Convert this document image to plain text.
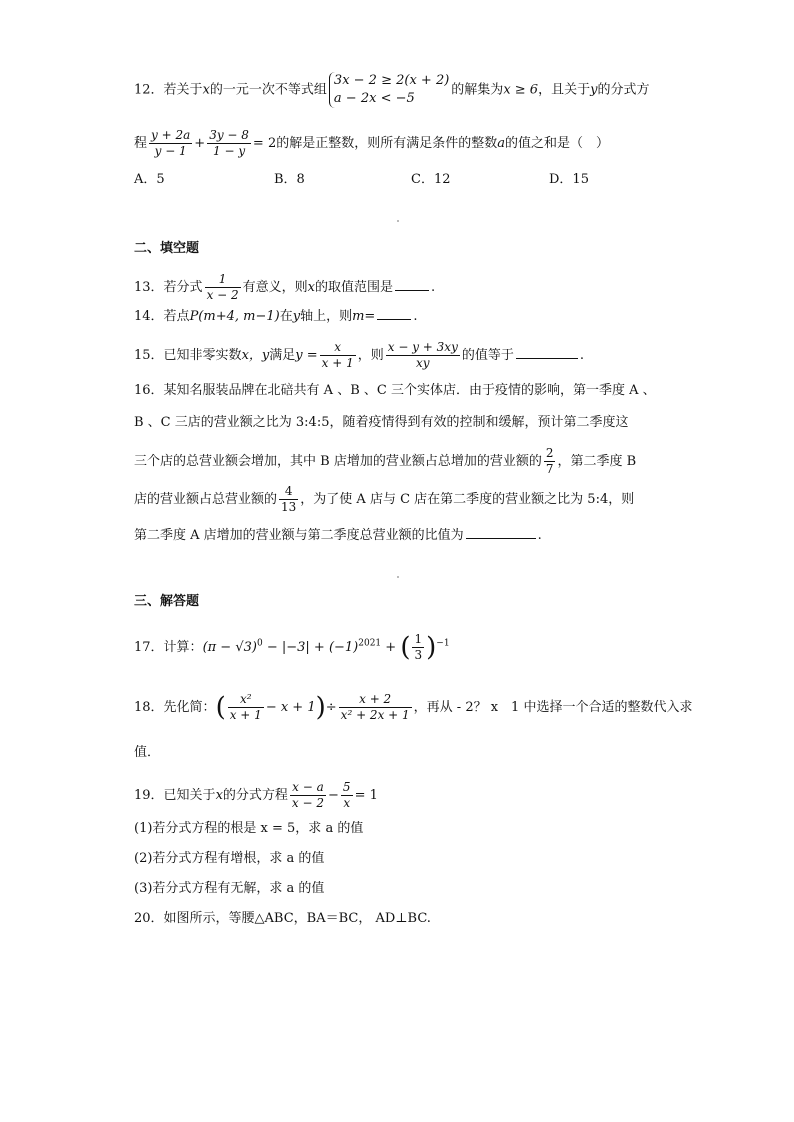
12．若关于x的一元一次不等式组
3x − 2 ≥ 2(x + 2)
a − 2x < −5
的解集为x ≥ 6，且关于y的分式方
程 $\frac{y + 2a}{y - 1} + \frac{3y - 8}{1 - y} = 2$的解是正整数，则所有满足条件的整数a的值之和是（　）
A．5	B．8	C．12	D．15
二、填空题
13．若分式 $\frac{1}{x - 2}$ 有意义，则x的取值范围是	.
14．若点P(m+4, m−1)在y轴上，则m=	.
15．已知非零实数x，y满足$y = \frac{x}{x + 1}$ ，则 $\frac{x - y + 3xy}{xy}$ 的值等于	.
16．某知名服装品牌在北碚共有 A 、B 、C 三个实体店．由于疫情的影响，第一季度 A 、
B 、C 三店的营业额之比为 3:4:5，随着疫情得到有效的控制和缓解，预计第二季度这
三个店的总营业额会增加，其中 B 店增加的营业额占总增加的营业额的 $\frac{2}{7}$ ，第二季度 B
店的营业额占总营业额的 $\frac{4}{13}$ ，为了使 A 店与 C 店在第二季度的营业额之比为 5:4，则
第二季度 A 店增加的营业额与第二季度总营业额的比值为	.
三、解答题
17．计算：$(\pi - √3)^0 - |-3| + (-1)^{2021}$ + ( $\frac{1}{3} )^{-1}$
18．先化简：( $\frac{\text{x²}}{x + 1} - x + 1)\div \frac{x + 2}{\text{x² + 2x + 1}}$ ，再从 - 2？ x　1 中选择一个合适的整数代入求
值．
19．已知关于x的分式方程 $\frac{x - a}{x - 2} - \frac{5}{x} = 1$
(1)若分式方程的根是 x = 5，求 a 的值
(2)若分式方程有增根，求 a 的值
(3)若分式方程有无解，求 a 的值
20．如图所示，等腰△ABC，BA＝BC， AD⊥BC.
